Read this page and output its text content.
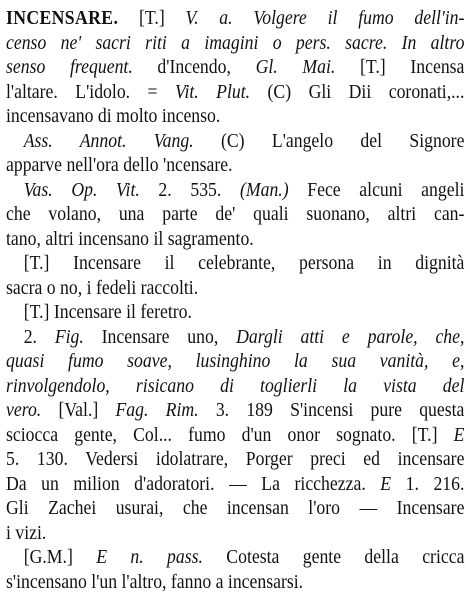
INCENSARE. [T.] V. a. Volgere il fumo dell'in-
censo ne' sacri riti a imagini o pers. sacre. In altro
senso frequent. d'Incendo, Gl. Mai. [T.] Incensa
l'altare. L'idolo. = Vit. Plut. (C) Gli Dii coronati,...
incensavano di molto incenso.
Ass. Annot. Vang. (C) L'angelo del Signore
apparve nell'ora dello 'ncensare.
Vas. Op. Vit. 2. 535. (Man.) Fece alcuni angeli
che volano, una parte de' quali suonano, altri can-
tano, altri incensano il sagramento.
[T.] Incensare il celebrante, persona in dignità
sacra o no, i fedeli raccolti.
[T.] Incensare il feretro.
2. Fig. Incensare uno, Dargli atti e parole, che,
quasi fumo soave, lusinghino la sua vanità, e,
rinvolgendolo, risicano di toglierli la vista del
vero. [Val.] Fag. Rim. 3. 189 S'incensi pure questa
sciocca gente, Col... fumo d'un onor sognato. [T.] E
5. 130. Vedersi idolatrare, Porger preci ed incensare
Da un milion d'adoratori. — La ricchezza. E 1. 216.
Gli Zachei usurai, che incensan l'oro — Incensare
i vizi.
[G.M.] E n. pass. Cotesta gente della cricca
s'incensano l'un l'altro, fanno a incensarsi.
